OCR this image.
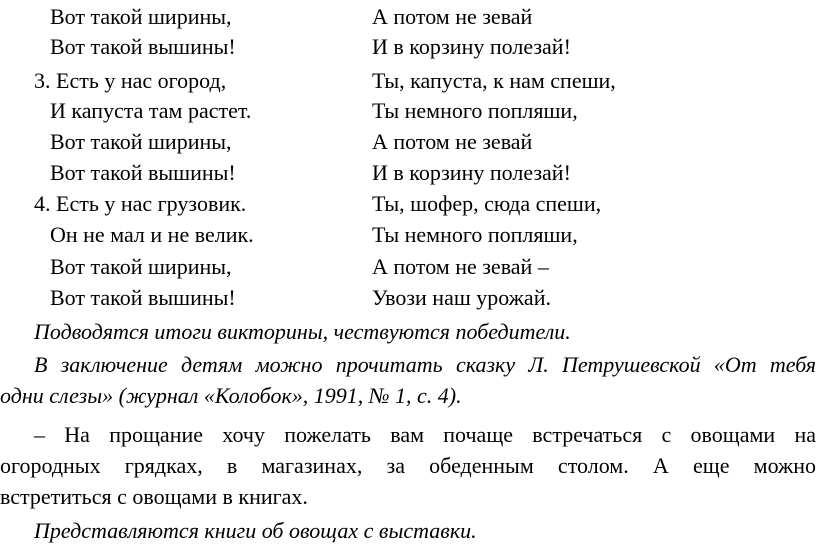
Вот такой ширины,	А потом не зевай
Вот такой вышины!	И в корзину полезай!
3. Есть у нас огород,	Ты, капуста, к нам спеши,
И капуста там растет.	Ты немного попляши,
Вот такой ширины,	А потом не зевай
Вот такой вышины!	И в корзину полезай!
4. Есть у нас грузовик.	Ты, шофер, сюда спеши,
Он не мал и не велик.	Ты немного попляши,
Вот такой ширины,	А потом не зевай –
Вот такой вышины!	Увози наш урожай.
Подводятся итоги викторины, чествуются победители.
В заключение детям можно прочитать сказку Л. Петрушевской «От тебя
одни слезы» (журнал «Колобок», 1991, № 1, с. 4).
– На прощание хочу пожелать вам почаще встречаться с овощами на
огородных грядках, в магазинах, за обеденным столом. А еще можно
встретиться с овощами в книгах.
Представляются книги об овощах с выставки.
